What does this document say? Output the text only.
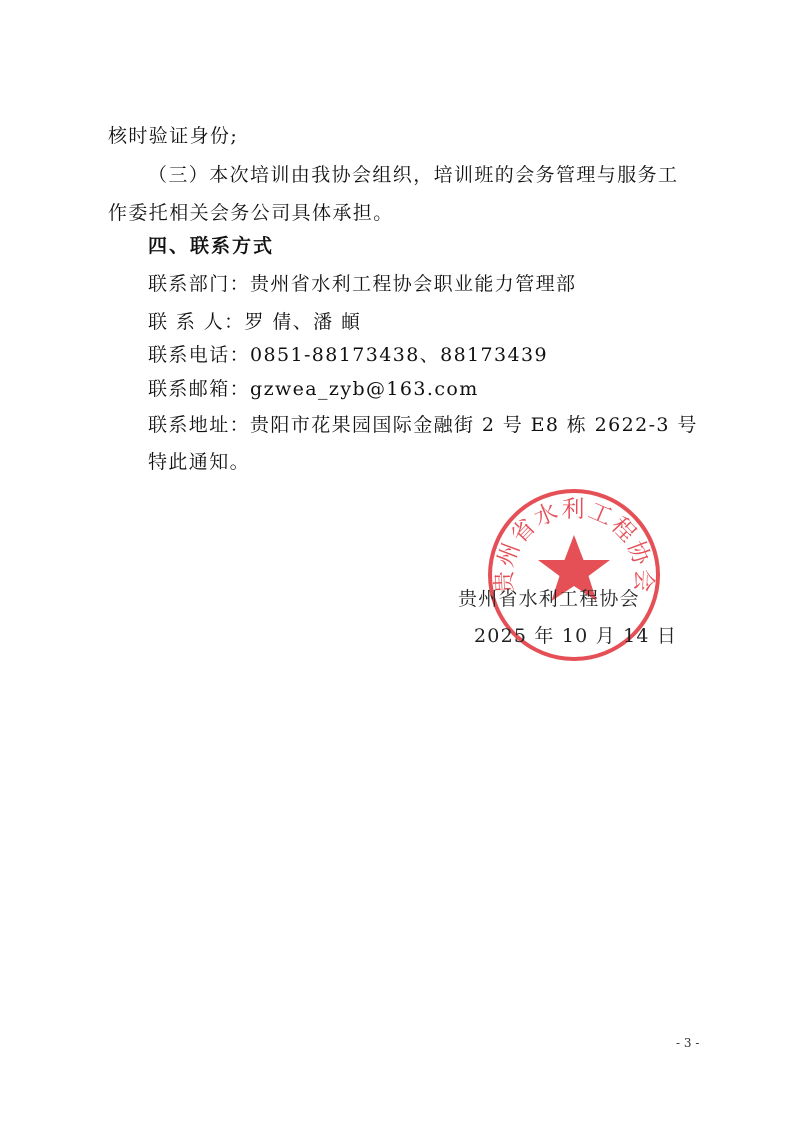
核时验证身份;
（三）本次培训由我协会组织，培训班的会务管理与服务工
作委托相关会务公司具体承担。
四、联系方式
联系部门：贵州省水利工程协会职业能力管理部
联 系 人：罗 倩、潘 頔
联系电话：0851-88173438、88173439
联系邮箱：gzwea_zyb@163.com
联系地址：贵阳市花果园国际金融街 2 号 E8 栋 2622-3 号
特此通知。
贵州省水利工程协会
贵州省水利工程协会
2025 年 10 月 14 日
- 3 -
